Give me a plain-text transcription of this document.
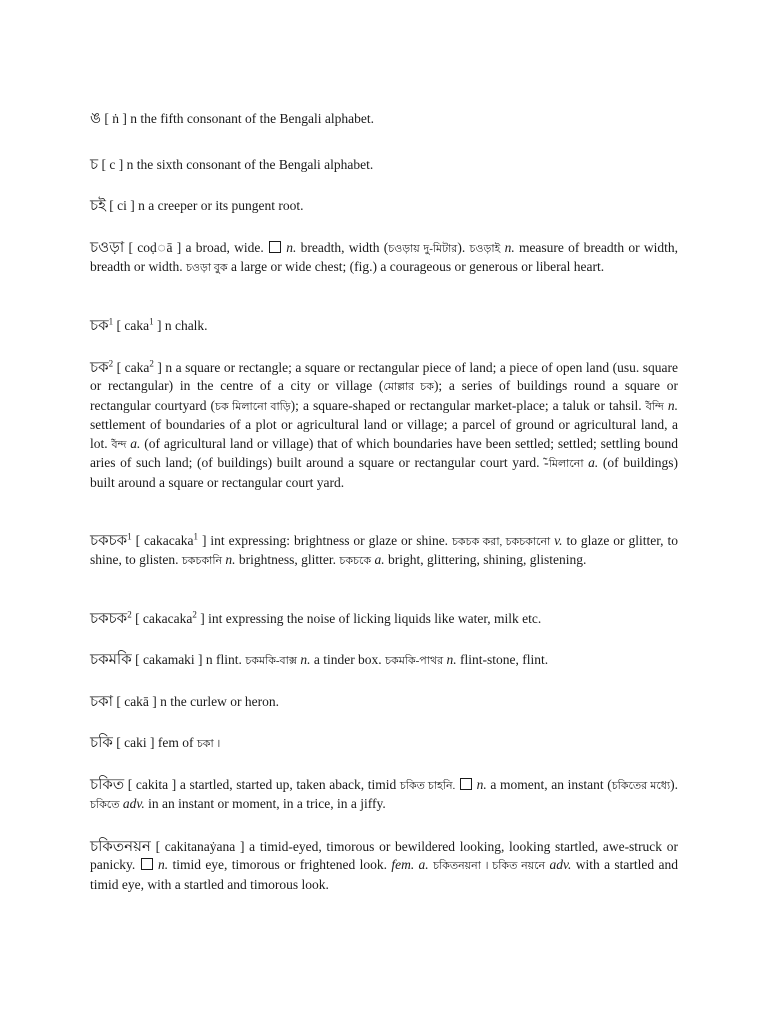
ঙ [ ṅ ] n the fifth consonant of the Bengali alphabet.

চ [ c ] n the sixth consonant of the Bengali alphabet.

চই [ ci ] n a creeper or its pungent root.

চওড়া [ coḍ◌ā ] a broad, wide.  n. breadth, width (চওড়ায় দু-মিটার). চওড়াই n. measure of breadth or width, breadth or width. চওড়া বুক a large or wide chest; (fig.) a courageous or generous or liberal heart.

চক$^1$ [ caka$^1$ ] n chalk.

চক$^2$ [ caka$^2$ ] n a square or rectangle; a square or rectangular piece of land; a piece of open land (usu. square or rectangular) in the centre of a city or village (মোল্লার চক); a series of buildings round a square or rectangular courtyard (চক মিলানো বাড়ি); a square-shaped or rectangular market-place; a taluk or tahsil. ̃বন্দি n. settlement of boundaries of a plot or agricultural land or village; a parcel of ground or agricultural land, a lot. ̃বন্দ a. (of agricultural land or village) that of which boundaries have been settled; settled; settling bound aries of such land; (of buildings) built around a square or rectangular court yard. ̃-মিলানো a. (of buildings) built around a square or rectangular court yard.

চকচক$^1$ [ cakacaka$^1$ ] int expressing: brightness or glaze or shine. চকচক করা, চকচকানো v. to glaze or glitter, to shine, to glisten. চকচকানি n. brightness, glitter. চকচকে a. bright, glittering, shining, glistening.

চকচক$^2$ [ cakacaka$^2$ ] int expressing the noise of licking liquids like water, milk etc.

চকমকি [ cakamaki ] n flint. চকমকি-বাক্স n. a tinder box. চকমকি-পাথর n. flint-stone, flint.

চকা [ cakā ] n the curlew or heron.

চকি [ caki ] fem of চকা ।

চকিত [ cakita ] a startled, started up, taken aback, timid চকিত চাহনি. n. a moment, an instant (চকিতের মধ্যে). চকিতে adv. in an instant or moment, in a trice, in a jiffy.

চকিতনয়ন [ cakitanaẏana ] a timid-eyed, timorous or bewildered looking, looking startled, awe-struck or panicky.  n. timid eye, timorous or frightened look. fem. a. চকিতনয়না । চকিত নয়নে adv. with a startled and timid eye, with a startled and timorous look.
